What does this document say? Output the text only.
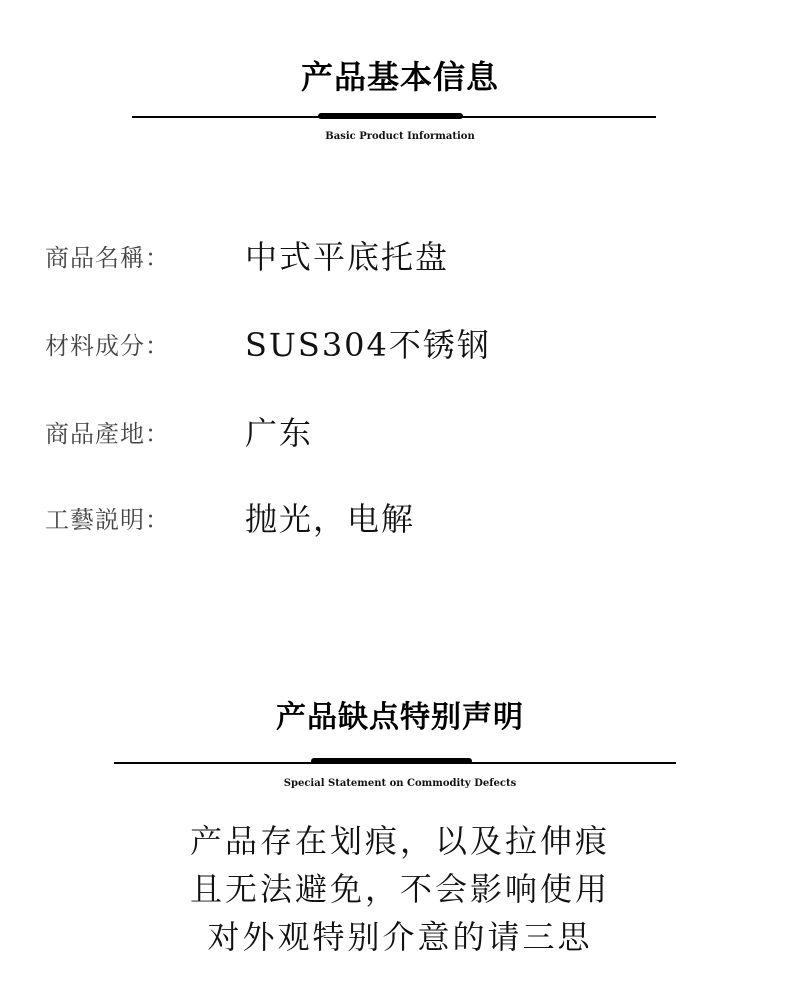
产品基本信息
Basic Product Information
商品名稱： 中式平底托盘
材料成分： SUS304不锈钢
商品產地： 广东
工藝説明： 抛光，电解
产品缺点特别声明
Special Statement on Commodity Defects
产品存在划痕，以及拉伸痕
且无法避免，不会影响使用
对外观特别介意的请三思
